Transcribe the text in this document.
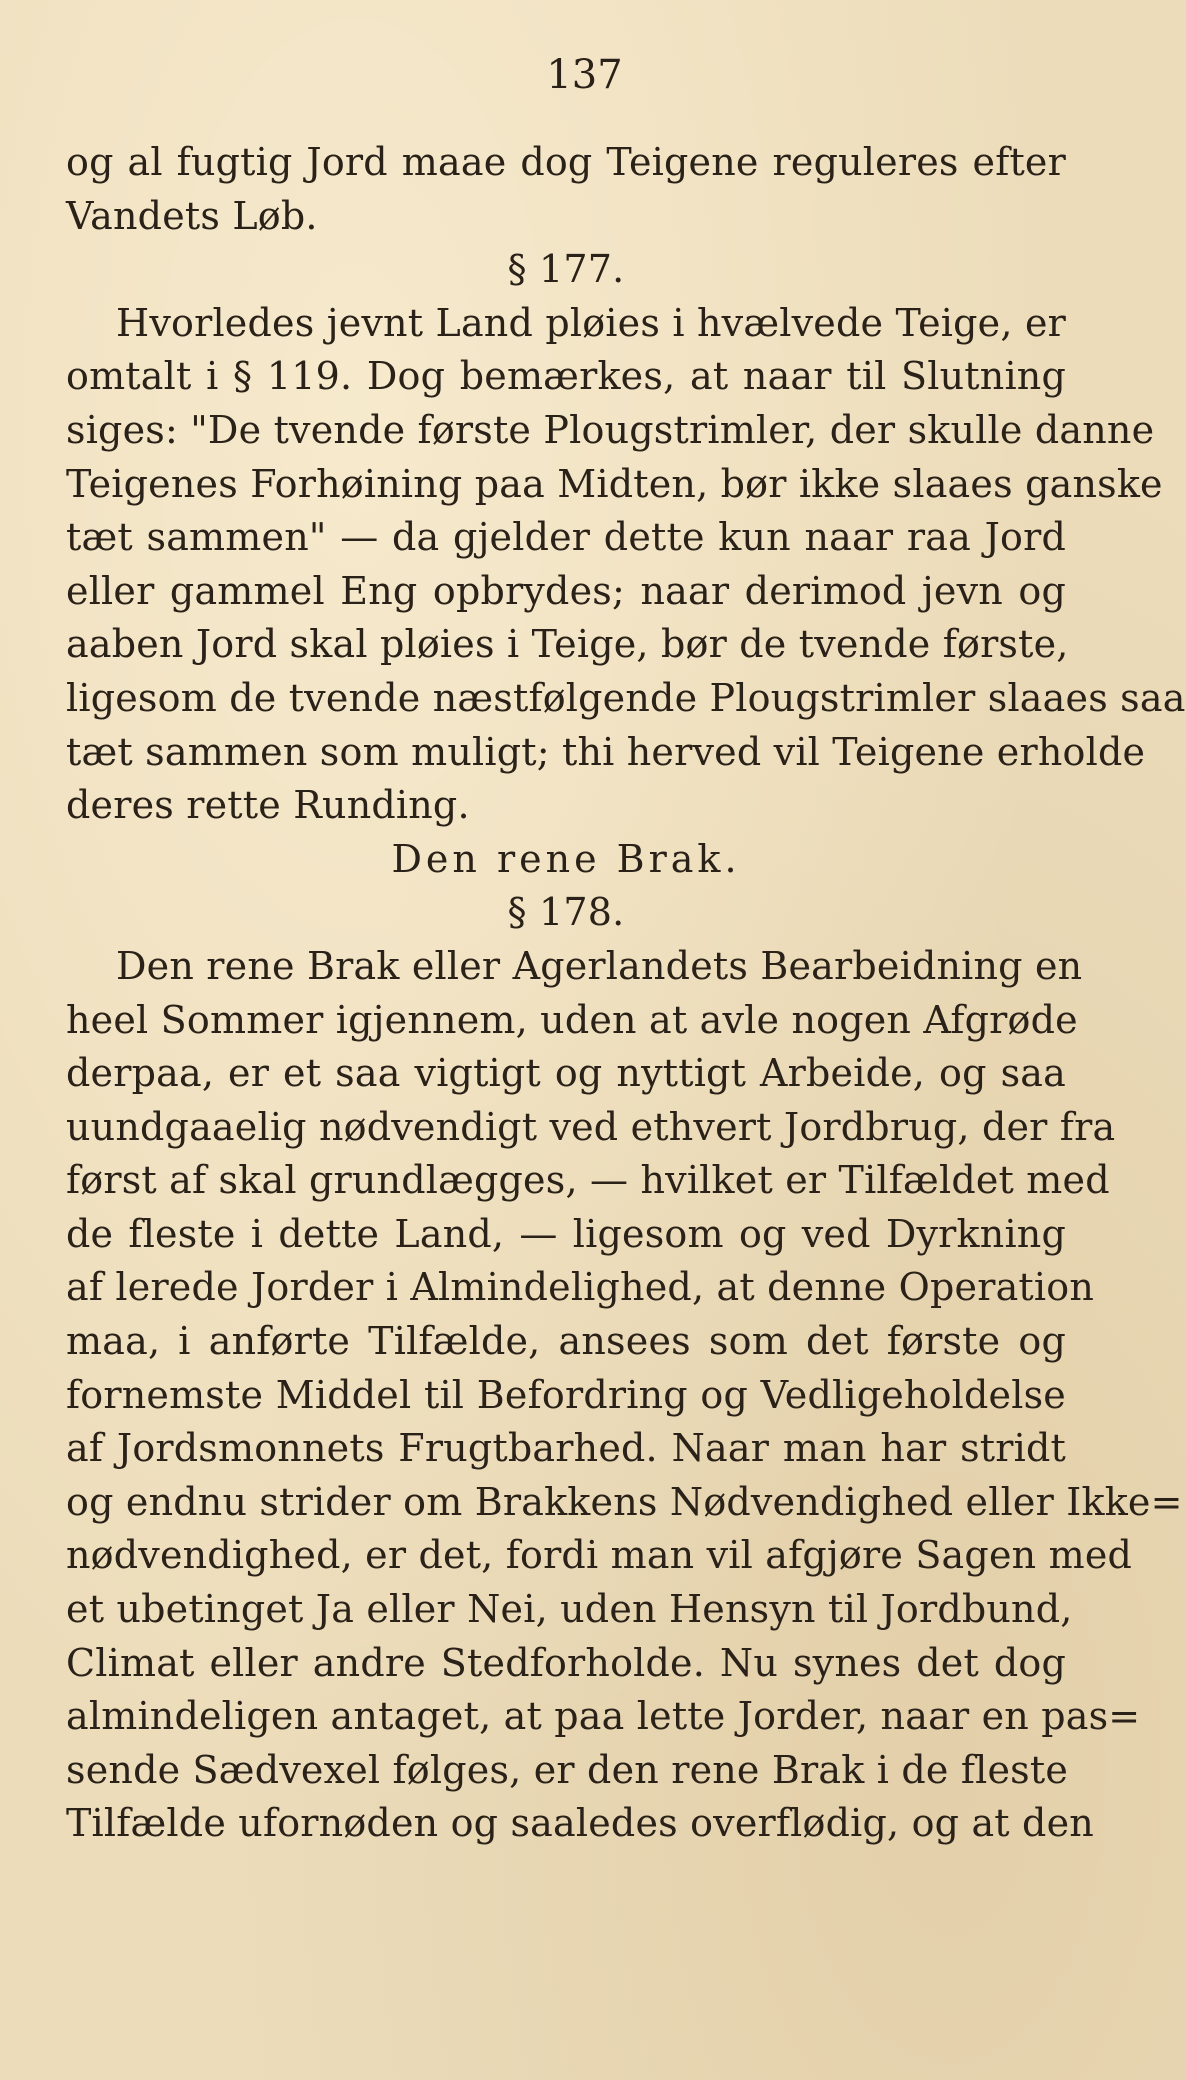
137
og al fugtig Jord maae dog Teigene reguleres efter
Vandets Løb.
§ 177.
Hvorledes jevnt Land pløies i hvælvede Teige, er
omtalt i § 119. Dog bemærkes, at naar til Slutning
siges: "De tvende første Plougstrimler, der skulle danne
Teigenes Forhøining paa Midten, bør ikke slaaes ganske
tæt sammen" — da gjelder dette kun naar raa Jord
eller gammel Eng opbrydes; naar derimod jevn og
aaben Jord skal pløies i Teige, bør de tvende første,
ligesom de tvende næstfølgende Plougstrimler slaaes saa
tæt sammen som muligt; thi herved vil Teigene erholde
deres rette Runding.
Den rene Brak.
§ 178.
Den rene Brak eller Agerlandets Bearbeidning en
heel Sommer igjennem, uden at avle nogen Afgrøde
derpaa, er et saa vigtigt og nyttigt Arbeide, og saa
uundgaaelig nødvendigt ved ethvert Jordbrug, der fra
først af skal grundlægges, — hvilket er Tilfældet med
de fleste i dette Land, — ligesom og ved Dyrkning
af lerede Jorder i Almindelighed, at denne Operation
maa, i anførte Tilfælde, ansees som det første og
fornemste Middel til Befordring og Vedligeholdelse
af Jordsmonnets Frugtbarhed. Naar man har stridt
og endnu strider om Brakkens Nødvendighed eller Ikke=
nødvendighed, er det, fordi man vil afgjøre Sagen med
et ubetinget Ja eller Nei, uden Hensyn til Jordbund,
Climat eller andre Stedforholde. Nu synes det dog
almindeligen antaget, at paa lette Jorder, naar en pas=
sende Sædvexel følges, er den rene Brak i de fleste
Tilfælde ufornøden og saaledes overflødig, og at den
